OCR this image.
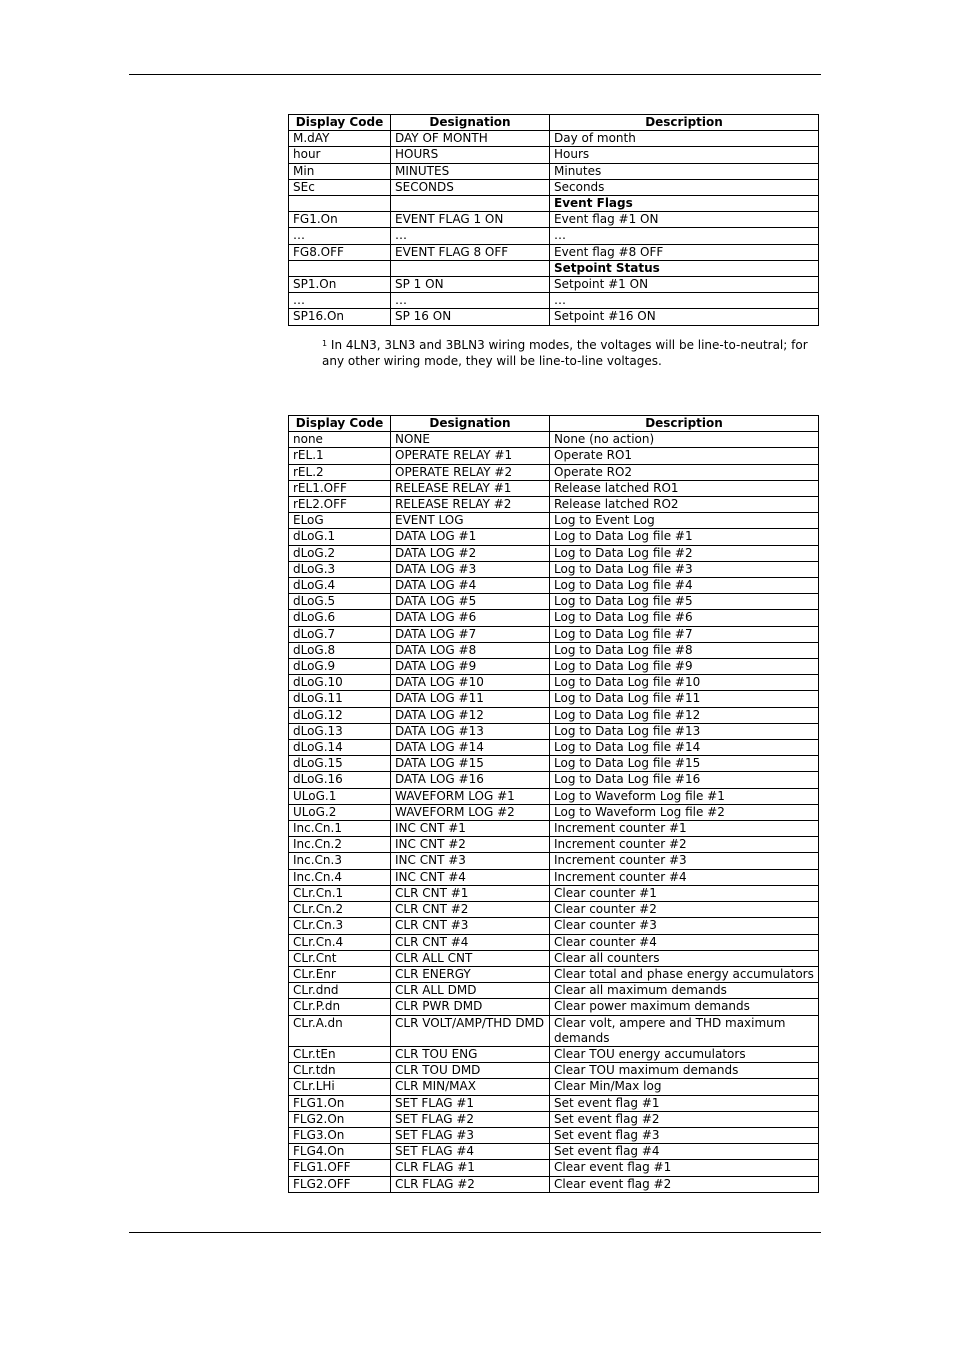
Display Code	Designation	Description
M.dAY	DAY OF MONTH	Day of month
hour	HOURS	Hours
Min	MINUTES	Minutes
SEc	SECONDS	Seconds
		Event Flags
FG1.On	EVENT FLAG 1 ON	Event flag #1 ON
…	…	…
FG8.OFF	EVENT FLAG 8 OFF	Event flag #8 OFF
		Setpoint Status
SP1.On	SP 1 ON	Setpoint #1 ON
…	…	…
SP16.On	SP 16 ON	Setpoint #16 ON
$^1$ In 4LN3, 3LN3 and 3BLN3 wiring modes, the voltages will be line-to-neutral; for any other wiring mode, they will be line-to-line voltages.
Display Code	Designation	Description
none	NONE	None (no action)
rEL.1	OPERATE RELAY #1	Operate RO1
rEL.2	OPERATE RELAY #2	Operate RO2
rEL1.OFF	RELEASE RELAY #1	Release latched RO1
rEL2.OFF	RELEASE RELAY #2	Release latched RO2
ELoG	EVENT LOG	Log to Event Log
dLoG.1	DATA LOG #1	Log to Data Log file #1
dLoG.2	DATA LOG #2	Log to Data Log file #2
dLoG.3	DATA LOG #3	Log to Data Log file #3
dLoG.4	DATA LOG #4	Log to Data Log file #4
dLoG.5	DATA LOG #5	Log to Data Log file #5
dLoG.6	DATA LOG #6	Log to Data Log file #6
dLoG.7	DATA LOG #7	Log to Data Log file #7
dLoG.8	DATA LOG #8	Log to Data Log file #8
dLoG.9	DATA LOG #9	Log to Data Log file #9
dLoG.10	DATA LOG #10	Log to Data Log file #10
dLoG.11	DATA LOG #11	Log to Data Log file #11
dLoG.12	DATA LOG #12	Log to Data Log file #12
dLoG.13	DATA LOG #13	Log to Data Log file #13
dLoG.14	DATA LOG #14	Log to Data Log file #14
dLoG.15	DATA LOG #15	Log to Data Log file #15
dLoG.16	DATA LOG #16	Log to Data Log file #16
ULoG.1	WAVEFORM LOG #1	Log to Waveform Log file #1
ULoG.2	WAVEFORM LOG #2	Log to Waveform Log file #2
Inc.Cn.1	INC CNT #1	Increment counter #1
Inc.Cn.2	INC CNT #2	Increment counter #2
Inc.Cn.3	INC CNT #3	Increment counter #3
Inc.Cn.4	INC CNT #4	Increment counter #4
CLr.Cn.1	CLR CNT #1	Clear counter #1
CLr.Cn.2	CLR CNT #2	Clear counter #2
CLr.Cn.3	CLR CNT #3	Clear counter #3
CLr.Cn.4	CLR CNT #4	Clear counter #4
CLr.Cnt	CLR ALL CNT	Clear all counters
CLr.Enr	CLR ENERGY	Clear total and phase energy accumulators
CLr.dnd	CLR ALL DMD	Clear all maximum demands
CLr.P.dn	CLR PWR DMD	Clear power maximum demands
CLr.A.dn	CLR VOLT/AMP/THD DMD	Clear volt, ampere and THD maximum demands
CLr.tEn	CLR TOU ENG	Clear TOU energy accumulators
CLr.tdn	CLR TOU DMD	Clear TOU maximum demands
CLr.LHi	CLR MIN/MAX	Clear Min/Max log
FLG1.On	SET FLAG #1	Set event flag #1
FLG2.On	SET FLAG #2	Set event flag #2
FLG3.On	SET FLAG #3	Set event flag #3
FLG4.On	SET FLAG #4	Set event flag #4
FLG1.OFF	CLR FLAG #1	Clear event flag #1
FLG2.OFF	CLR FLAG #2	Clear event flag #2
